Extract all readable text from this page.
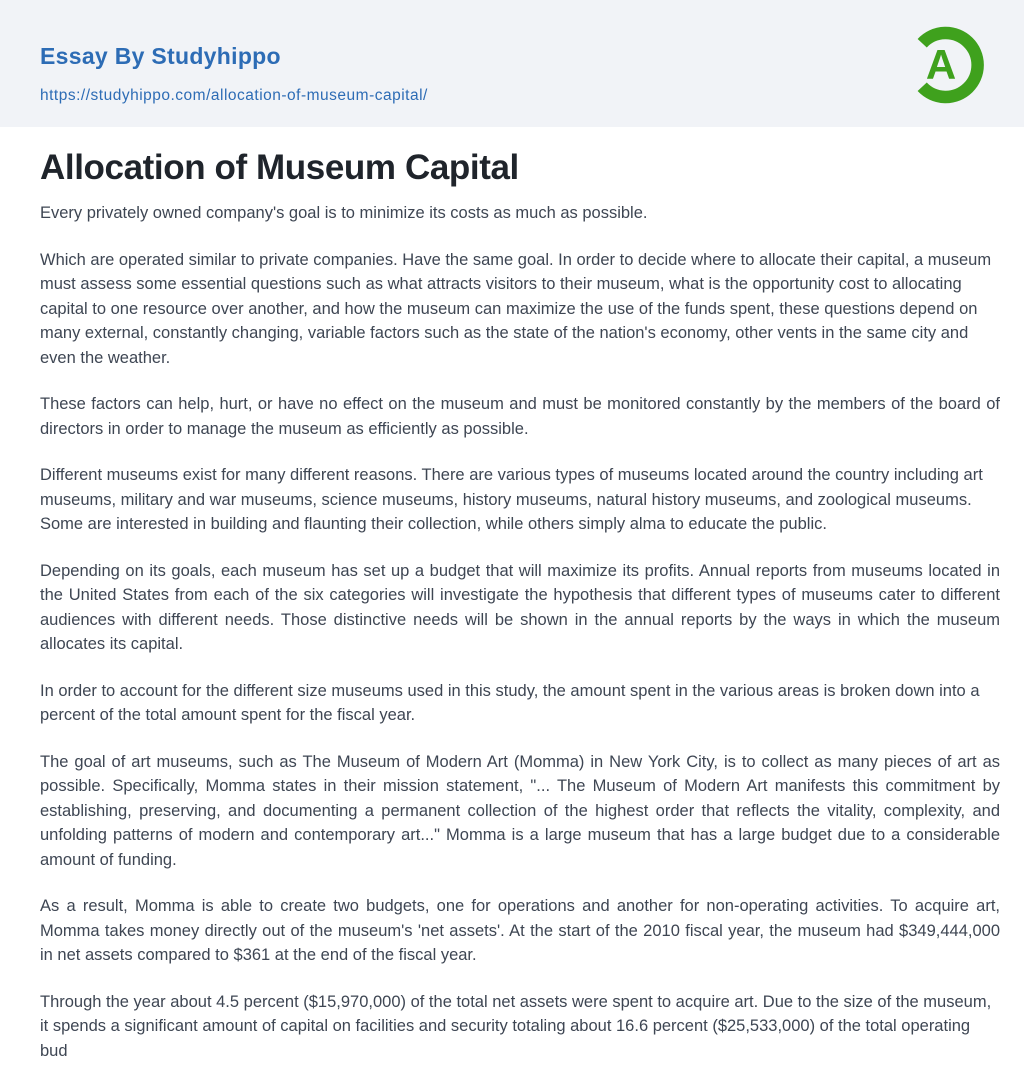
Essay By Studyhippo
https://studyhippo.com/allocation-of-museum-capital/
A
Allocation of Museum Capital

Every privately owned company's goal is to minimize its costs as much as possible.

Which are operated similar to private companies. Have the same goal. In order to decide where to allocate their capital, a museum must assess some essential questions such as what attracts visitors to their museum, what is the opportunity cost to allocating capital to one resource over another, and how the museum can maximize the use of the funds spent, these questions depend on many external, constantly changing, variable factors such as the state of the nation's economy, other vents in the same city and even the weather.

These factors can help, hurt, or have no effect on the museum and must be monitored constantly by the members of the board of directors in order to manage the museum as efficiently as possible.

Different museums exist for many different reasons. There are various types of museums located around the country including art museums, military and war museums, science museums, history museums, natural history museums, and zoological museums. Some are interested in building and flaunting their collection, while others simply alma to educate the public.

Depending on its goals, each museum has set up a budget that will maximize its profits. Annual reports from museums located in the United States from each of the six categories will investigate the hypothesis that different types of museums cater to different audiences with different needs. Those distinctive needs will be shown in the annual reports by the ways in which the museum allocates its capital.

In order to account for the different size museums used in this study, the amount spent in the various areas is broken down into a percent of the total amount spent for the fiscal year.

The goal of art museums, such as The Museum of Modern Art (Momma) in New York City, is to collect as many pieces of art as possible. Specifically, Momma states in their mission statement, "... The Museum of Modern Art manifests this commitment by establishing, preserving, and documenting a permanent collection of the highest order that reflects the vitality, complexity, and unfolding patterns of modern and contemporary art..." Momma is a large museum that has a large budget due to a considerable amount of funding.

As a result, Momma is able to create two budgets, one for operations and another for non-operating activities. To acquire art, Momma takes money directly out of the museum's 'net assets'. At the start of the 2010 fiscal year, the museum had $349,444,000 in net assets compared to $361 at the end of the fiscal year.

Through the year about 4.5 percent ($15,970,000) of the total net assets were spent to acquire art. Due to the size of the museum, it spends a significant amount of capital on facilities and security totaling about 16.6 percent ($25,533,000) of the total operating bud
